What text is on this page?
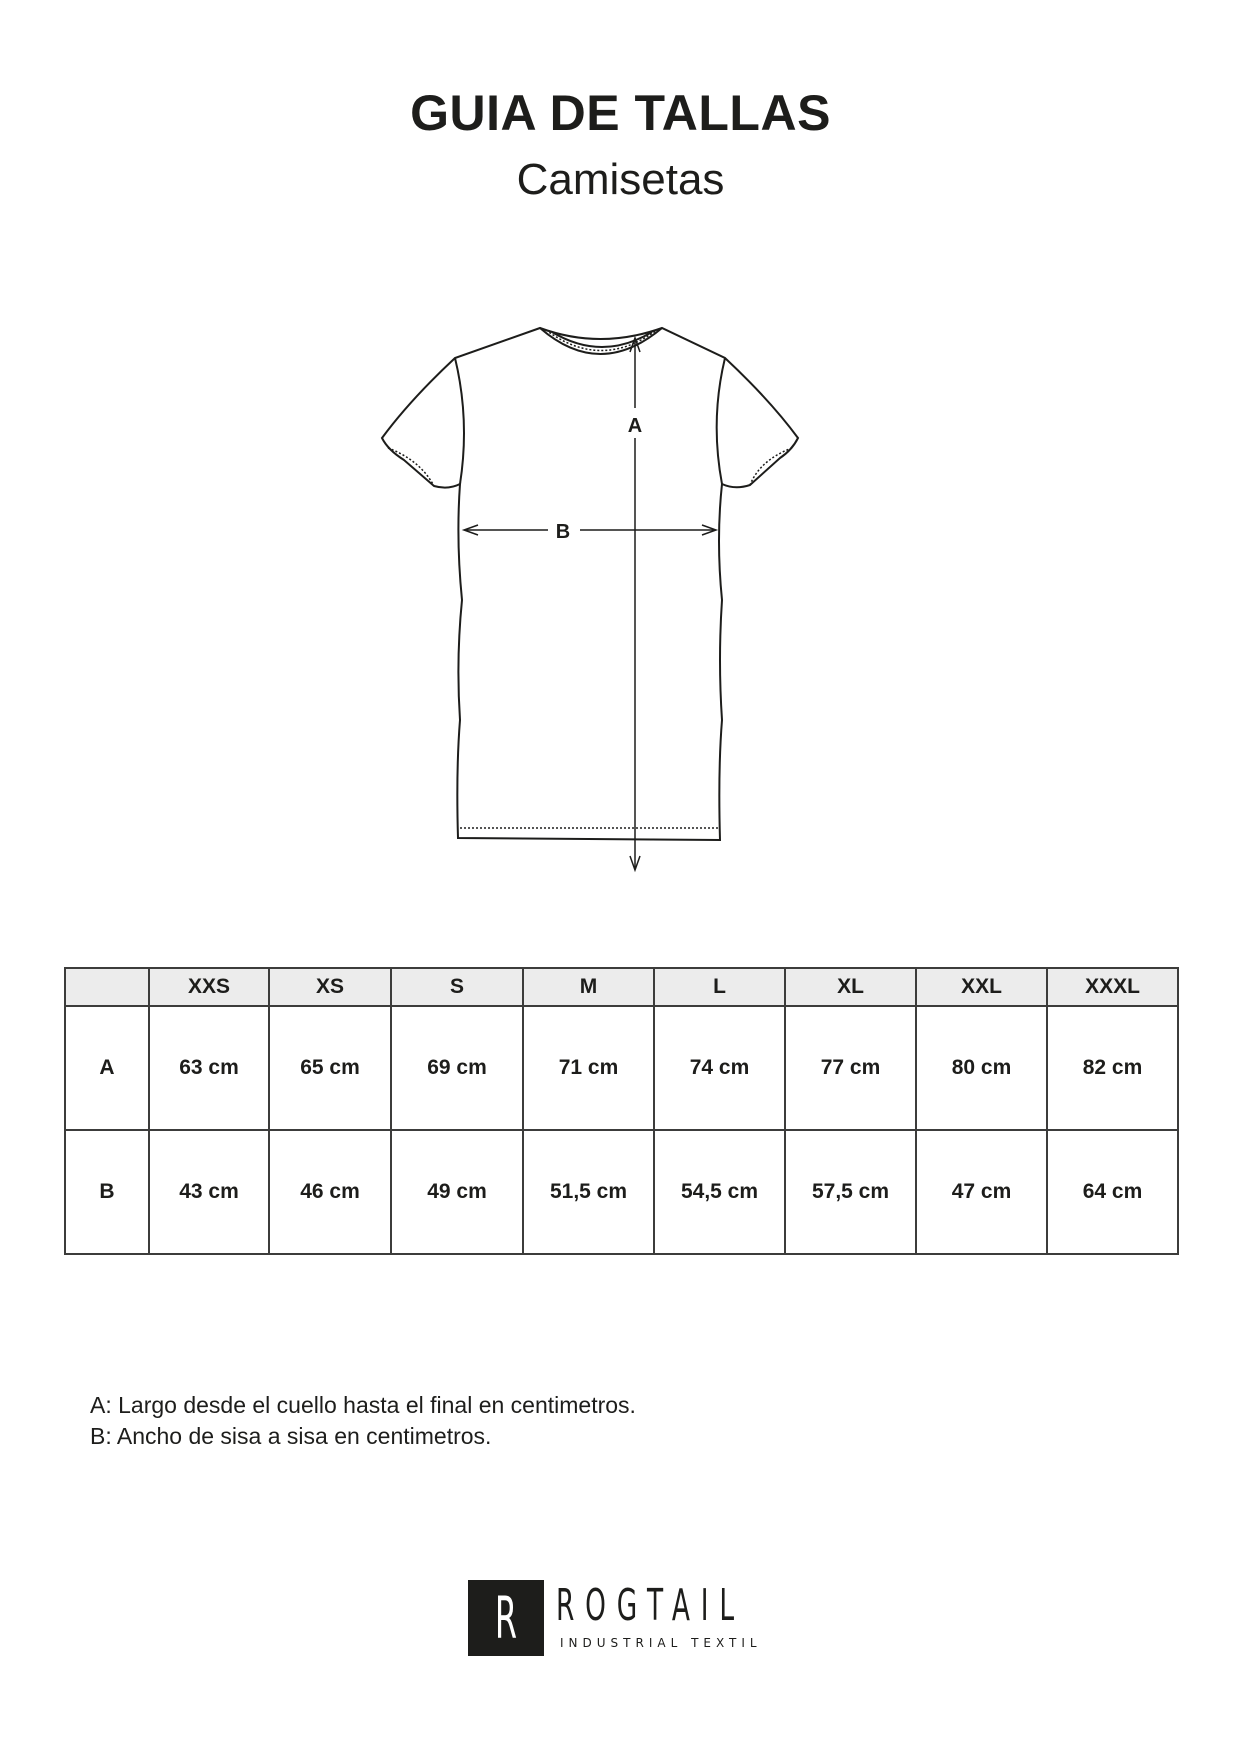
GUIA DE TALLAS
Camisetas
A
B
	XXS	XS	S	M	L	XL	XXL	XXXL
A	63 cm	65 cm	69 cm	71 cm	74 cm	77 cm	80 cm	82 cm
B	43 cm	46 cm	49 cm	51,5 cm	54,5 cm	57,5 cm	47 cm	64 cm
A: Largo desde el cuello hasta el final en centimetros.
B: Ancho de sisa a sisa en centimetros.
R ROGTAIL
INDUSTRIAL TEXTIL
